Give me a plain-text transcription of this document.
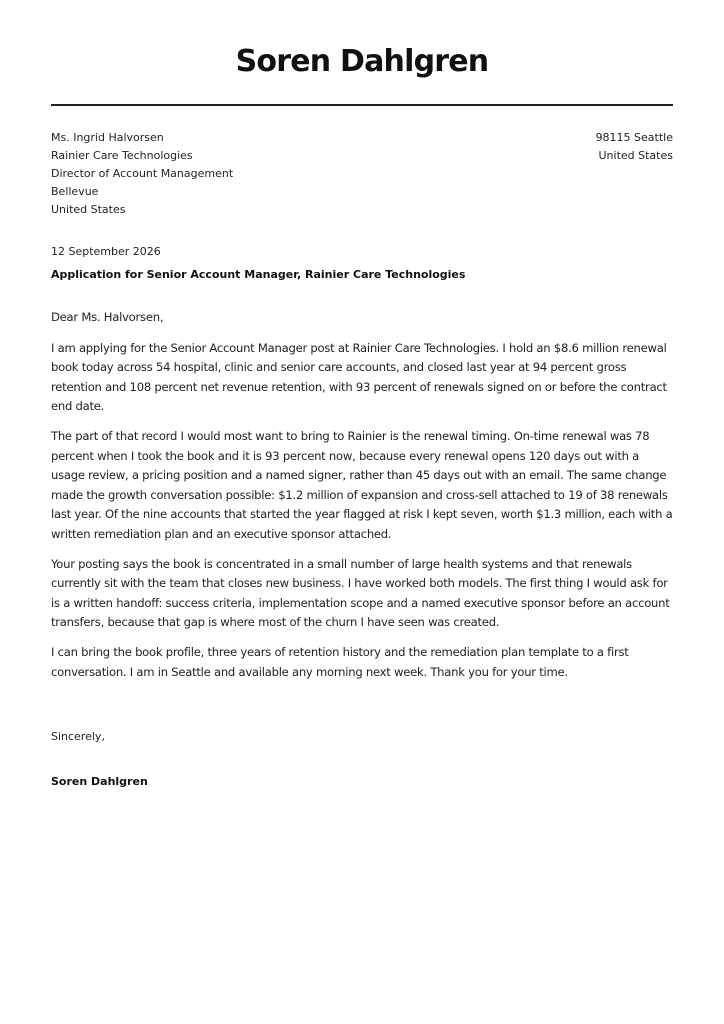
Soren Dahlgren
Ms. Ingrid Halvorsen
Rainier Care Technologies
Director of Account Management
Bellevue
United States
98115 Seattle
United States
12 September 2026
Application for Senior Account Manager, Rainier Care Technologies

Dear Ms. Halvorsen,

I am applying for the Senior Account Manager post at Rainier Care Technologies. I hold an $8.6 million renewal book today across 54 hospital, clinic and senior care accounts, and closed last year at 94 percent gross retention and 108 percent net revenue retention, with 93 percent of renewals signed on or before the contract end date.

The part of that record I would most want to bring to Rainier is the renewal timing. On-time renewal was 78 percent when I took the book and it is 93 percent now, because every renewal opens 120 days out with a usage review, a pricing position and a named signer, rather than 45 days out with an email. The same change made the growth conversation possible: $1.2 million of expansion and cross-sell attached to 19 of 38 renewals last year. Of the nine accounts that started the year flagged at risk I kept seven, worth $1.3 million, each with a written remediation plan and an executive sponsor attached.

Your posting says the book is concentrated in a small number of large health systems and that renewals currently sit with the team that closes new business. I have worked both models. The first thing I would ask for is a written handoff: success criteria, implementation scope and a named executive sponsor before an account transfers, because that gap is where most of the churn I have seen was created.

I can bring the book profile, three years of retention history and the remediation plan template to a first conversation. I am in Seattle and available any morning next week. Thank you for your time.

Sincerely,
Soren Dahlgren
